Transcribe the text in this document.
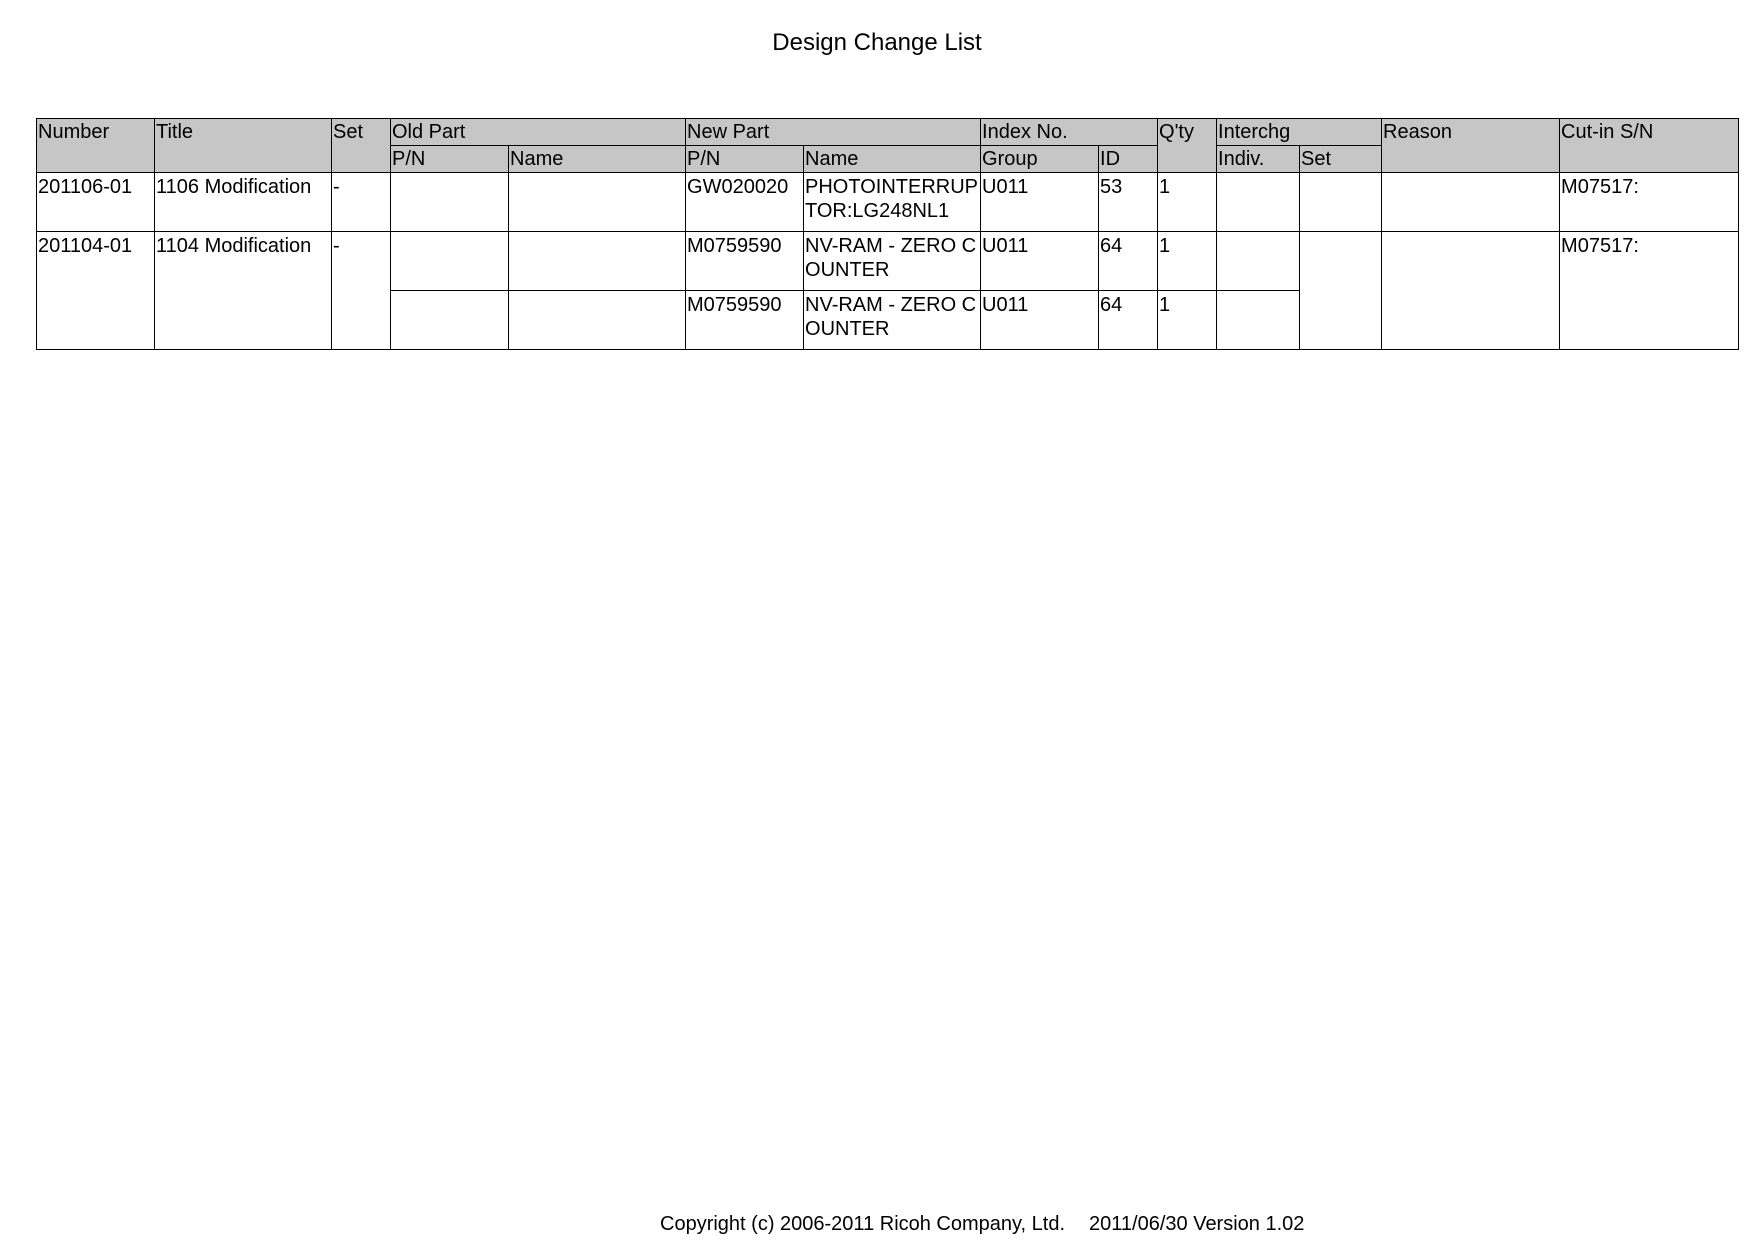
Design Change List
Number	Title	Set	Old Part		New Part		Index No.		Q'ty	Interchg		Reason	Cut-in S/N
			P/N	Name	P/N	Name	Group	ID		Indiv.	Set		
201106-01	1106 Modification	-			GW020020	PHOTOINTERRUPTOR:LG248NL1	U011	53	1				M07517:
201104-01	1104 Modification	-			M0759590	NV-RAM - ZERO COUNTER	U011	64	1				M07517:
					M0759590	NV-RAM - ZERO COUNTER	U011	64	1				
Copyright (c) 2006-2011 Ricoh Company, Ltd. 2011/06/30 Version 1.02
